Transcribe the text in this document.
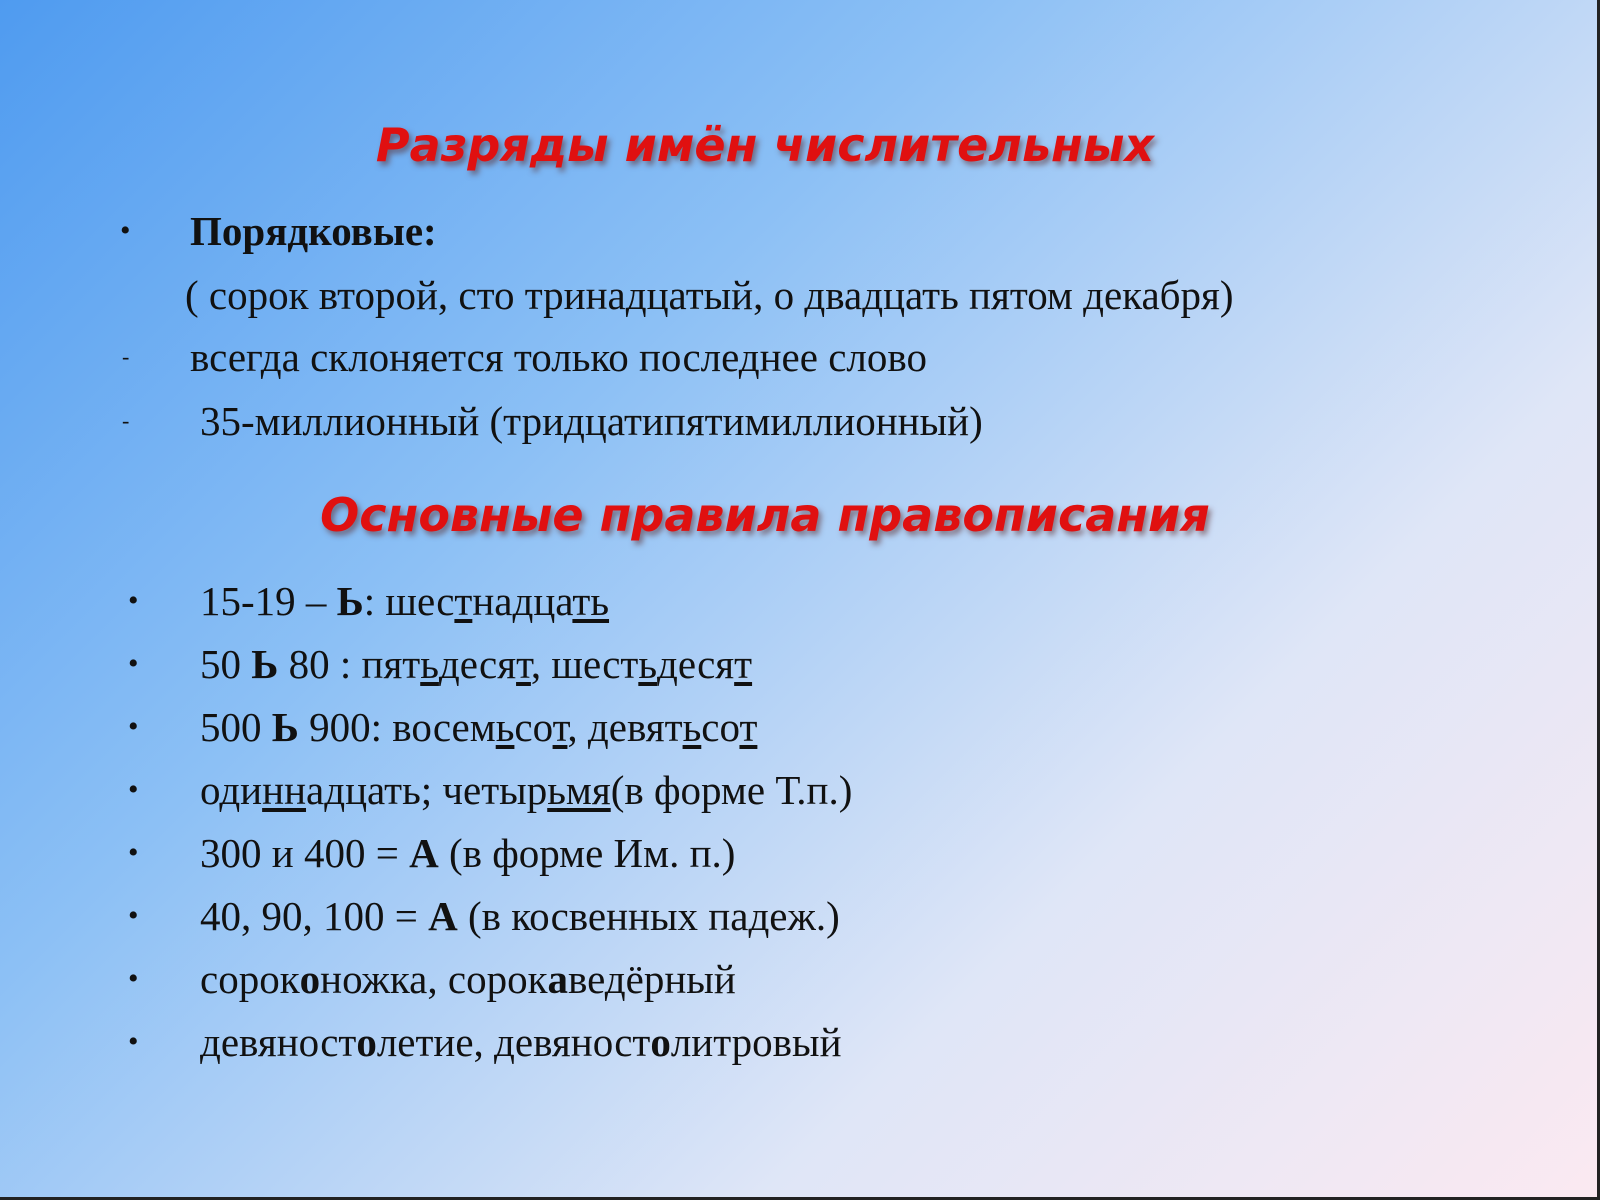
Разряды имён числительных
• Порядковые:
( сорок второй, сто тринадцатый, о двадцать пятом декабря)
- всегда склоняется только последнее слово
- 35-миллионный (тридцатипятимиллионный)
Основные правила правописания
• 15-19 – Ь: шестнадцать
• 50 Ь 80 : пятьдесят, шестьдесят
• 500 Ь 900: восемьсот, девятьсот
• одиннадцать; четырьмя(в форме Т.п.)
• 300 и 400 = А (в форме Им. п.)
• 40, 90, 100 = А (в косвенных падеж.)
• сороконожка, сорокаведёрный
• девяностолетие, девяностолитровый
